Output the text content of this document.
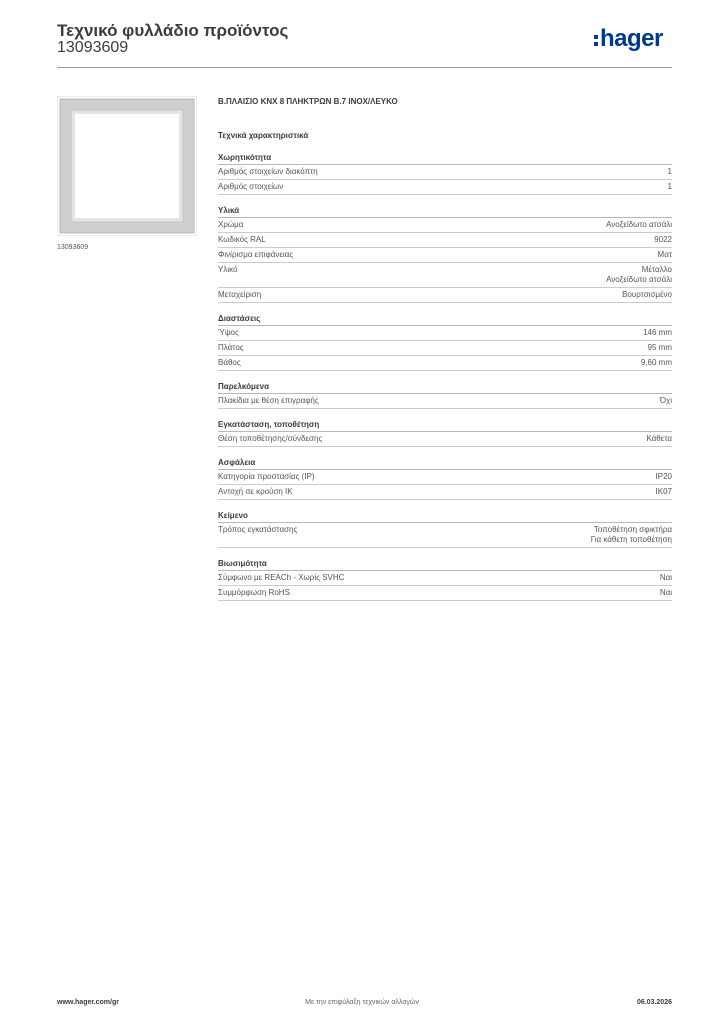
Τεχνικό φυλλάδιο προϊόντος
13093609	hager
13093609
Β.ΠΛΑΙΣΙΟ KNX 8 ΠΛΗΚΤΡΩΝ Β.7 INOX/ΛΕΥΚΟ
Τεχνικά χαρακτηριστικά
Χωρητικότητα
Αριθμός στοιχείων διακόπτη	1
Αριθμός στοιχείων	1
Υλικά
Χρώμα	Ανοξείδωτο ατσάλι
Κωδικός RAL	9022
Φινίρισμα επιφάνειας	Ματ
Υλικό	Μέταλλο
Ανοξείδωτο ατσάλι
Μεταχείριση	Βουρτσισμένο
Διαστάσεις
Ύψος	146 mm
Πλάτος	95 mm
Βάθος	9,60 mm
Παρελκόμενα
Πλακίδια με θέση επιγραφής	Όχι
Εγκατάσταση, τοποθέτηση
Θέση τοποθέτησης/σύνδεσης	Κάθετα
Ασφάλεια
Κατηγορία προστασίας (IP)	IP20
Αντοχή σε κρούση IK	IK07
Κείμενο
Τρόπος εγκατάστασης	Τοποθέτηση σφικτήρα
Για κάθετη τοποθέτηση
Βιωσιμότητα
Σύμφωνο με REACh - Χωρίς SVHC	Ναι
Συμμόρφωση RoHS	Ναι
www.hager.com/gr	Με την επιφύλαξη τεχνικών αλλαγών	06.03.2026
